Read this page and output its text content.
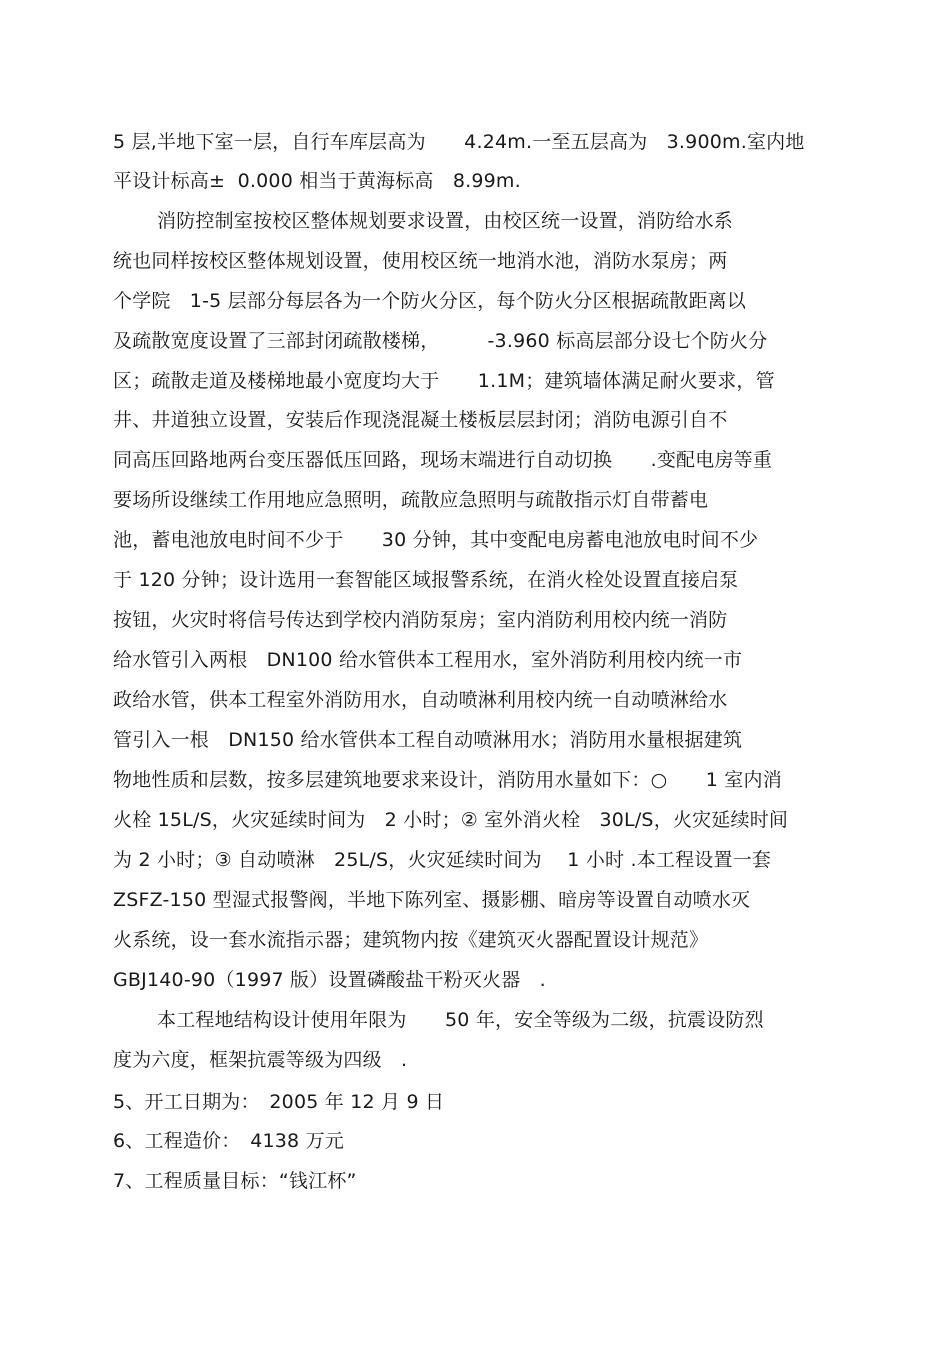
5 层,半地下室一层，自行车库层高为　　4.24m.一至五层高为　3.900m.室内地
平设计标高±  0.000 相当于黄海标高　8.99m.
消防控制室按校区整体规划要求设置，由校区统一设置，消防给水系
统也同样按校区整体规划设置，使用校区统一地消水池，消防水泵房；两
个学院　1-5 层部分每层各为一个防火分区，每个防火分区根据疏散距离以
及疏散宽度设置了三部封闭疏散楼梯，　　　-3.960 标高层部分设七个防火分
区；疏散走道及楼梯地最小宽度均大于　　1.1M；建筑墙体满足耐火要求，管
井、井道独立设置，安装后作现浇混凝土楼板层层封闭；消防电源引自不
同高压回路地两台变压器低压回路，现场末端进行自动切换　　.变配电房等重
要场所设继续工作用地应急照明，疏散应急照明与疏散指示灯自带蓄电
池，蓄电池放电时间不少于　　30 分钟，其中变配电房蓄电池放电时间不少
于 120 分钟；设计选用一套智能区域报警系统，在消火栓处设置直接启泵
按钮，火灾时将信号传达到学校内消防泵房；室内消防利用校内统一消防
给水管引入两根　DN100 给水管供本工程用水，室外消防利用校内统一市
政给水管，供本工程室外消防用水，自动喷淋利用校内统一自动喷淋给水
管引入一根　DN150 给水管供本工程自动喷淋用水；消防用水量根据建筑
物地性质和层数，按多层建筑地要求来设计，消防用水量如下：○　　1 室内消
火栓 15L/S，火灾延续时间为　2 小时；② 室外消火栓　30L/S，火灾延续时间
为 2 小时；③ 自动喷淋　25L/S，火灾延续时间为　 1 小时 .本工程设置一套
ZSFZ-150 型湿式报警阀，半地下陈列室、摄影棚、暗房等设置自动喷水灭
火系统，设一套水流指示器；建筑物内按《建筑灭火器配置设计规范》
GBJ140-90（1997 版）设置磷酸盐干粉灭火器　.
本工程地结构设计使用年限为　　50 年，安全等级为二级，抗震设防烈
度为六度，框架抗震等级为四级　.
5、开工日期为：　2005 年 12 月 9 日
6、工程造价：　4138 万元
7、工程质量目标：“钱江杯”
